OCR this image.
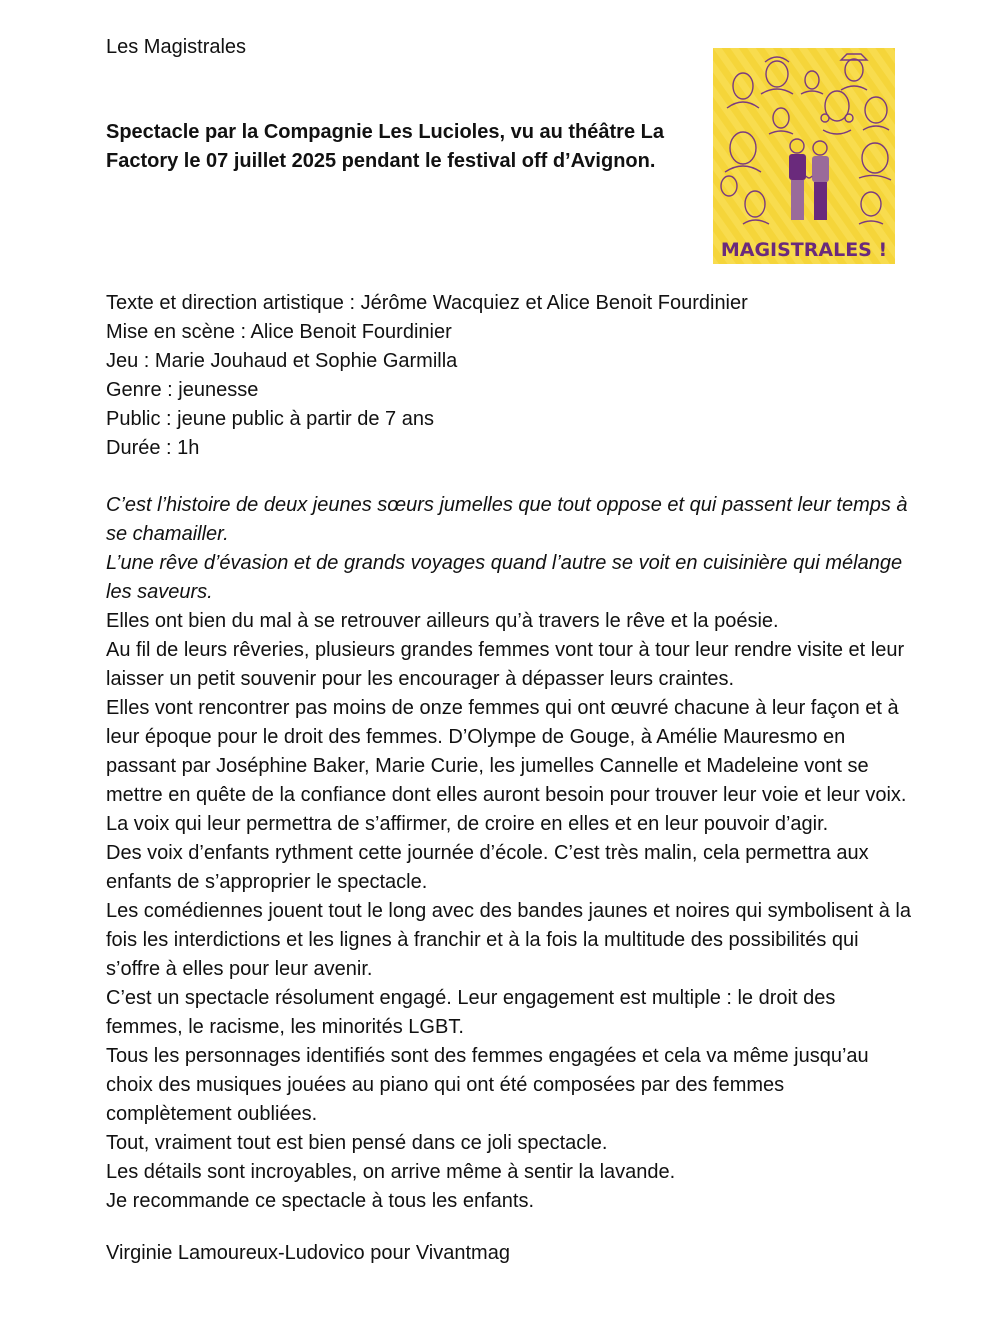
Les Magistrales
Spectacle par la Compagnie Les Lucioles, vu au théâtre La Factory le 07 juillet 2025 pendant le festival off d’Avignon.
MAGISTRALES !
Texte et direction artistique : Jérôme Wacquiez et Alice Benoit Fourdinier
Mise en scène : Alice Benoit Fourdinier
Jeu : Marie Jouhaud et Sophie Garmilla
Genre : jeunesse
Public : jeune public à partir de 7 ans
Durée : 1h

C’est l’histoire de deux jeunes sœurs jumelles que tout oppose et qui passent leur temps à se chamailler.

L’une rêve d’évasion et de grands voyages quand l’autre se voit en cuisinière qui mélange les saveurs.

Elles ont bien du mal à se retrouver ailleurs qu’à travers le rêve et la poésie.

Au fil de leurs rêveries, plusieurs grandes femmes vont tour à tour leur rendre visite et leur laisser un petit souvenir pour les encourager à dépasser leurs craintes.

Elles vont rencontrer pas moins de onze femmes qui ont œuvré chacune à leur façon et à leur époque pour le droit des femmes. D’Olympe de Gouge, à Amélie Mauresmo en passant par Joséphine Baker, Marie Curie, les jumelles Cannelle et Madeleine vont se mettre en quête de la confiance dont elles auront besoin pour trouver leur voie et leur voix. La voix qui leur permettra de s’affirmer, de croire en elles et en leur pouvoir d’agir.

Des voix d’enfants rythment cette journée d’école. C’est très malin, cela permettra aux enfants de s’approprier le spectacle.

Les comédiennes jouent tout le long avec des bandes jaunes et noires qui symbolisent à la fois les interdictions et les lignes à franchir et à la fois la multitude des possibilités qui s’offre à elles pour leur avenir.

C’est un spectacle résolument engagé. Leur engagement est multiple : le droit des femmes, le racisme, les minorités LGBT.

Tous les personnages identifiés sont des femmes engagées et cela va même jusqu’au choix des musiques jouées au piano qui ont été composées par des femmes complètement oubliées.

Tout, vraiment tout est bien pensé dans ce joli spectacle.

Les détails sont incroyables, on arrive même à sentir la lavande.

Je recommande ce spectacle à tous les enfants.

Virginie Lamoureux-Ludovico pour Vivantmag
